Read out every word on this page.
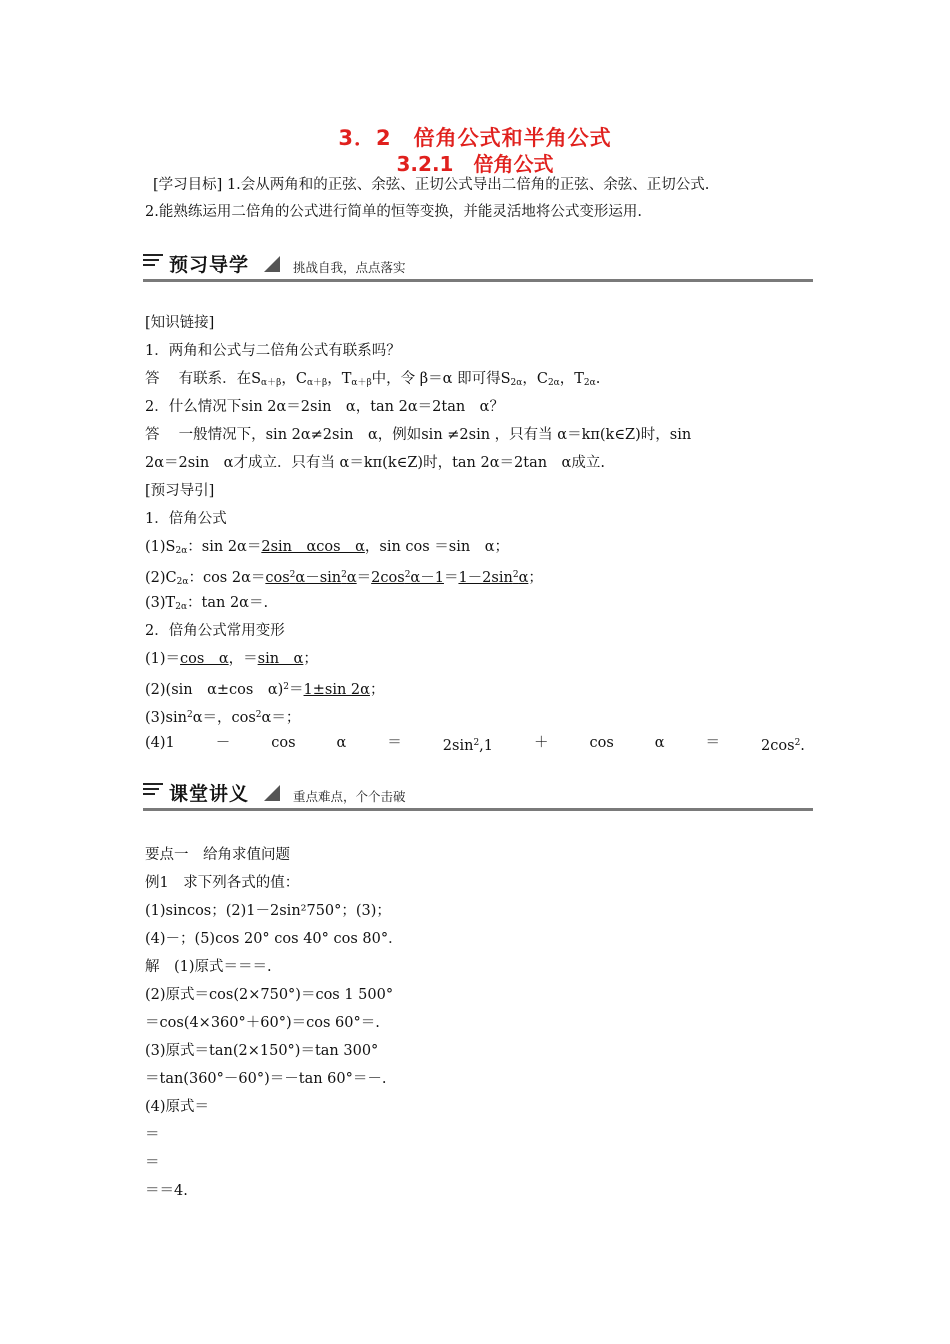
3．2　倍角公式和半角公式
3.2.1　倍角公式
[学习目标] 1.会从两角和的正弦、余弦、正切公式导出二倍角的正弦、余弦、正切公式.
2.能熟练运用二倍角的公式进行简单的恒等变换，并能灵活地将公式变形运用.
预习导学	挑战自我，点点落实
[知识链接]
1．两角和公式与二倍角公式有联系吗？
答　 有联系．在$S_{\alpha+\beta}$，$C_{\alpha+\beta}$，$T_{\alpha+\beta}$中，令 β＝α 即可得$S_{2\alpha}$，$C_{2\alpha}$，$T_{2\alpha}$.
2．什么情况下sin 2α＝2sin　α，tan 2α＝2tan　α？
答　 一般情况下，sin 2α≠2sin　α，例如sin ≠2sin ，只有当 α＝kπ(k∈Z)时，sin
2α＝2sin　α才成立．只有当 α＝kπ(k∈Z)时，tan 2α＝2tan　α成立.
[预习导引]
1．倍角公式
$(1)S_{2\alpha}$：sin 2α＝2sin　αcos　α，sin cos ＝sin　α；
$(2)C_{2\alpha}$：$\cos 2\alpha=\cos^2\alpha-\sin^2\alpha=2\cos^2\alpha-1=1-2\sin^2\alpha$；
$(3)T_{2\alpha}$：tan 2α＝.
2．倍角公式常用变形
(1)＝cos　α，＝sin　α；
(2)(sin　α±cos　α)$^2$＝1±sin 2α；
$(3)\sin^2\alpha=$，$\cos^2\alpha=$；
(4)1	－	cos	α	＝	$2\sin^2,1$	＋	cos	α	＝	$2\cos^2$.
课堂讲义	重点难点，个个击破
要点一　给角求值问题
例1　求下列各式的值：
(1)sincos；(2)1－2sin²750°；(3)；
(4)－；(5)cos 20° cos 40° cos 80°．
解　(1)原式＝＝＝.
(2)原式＝cos(2×750°)＝cos 1 500°
＝cos(4×360°＋60°)＝cos 60°＝.
(3)原式＝tan(2×150°)＝tan 300°
＝tan(360°－60°)＝－tan 60°＝－.
(4)原式＝
＝
＝
＝＝4.
